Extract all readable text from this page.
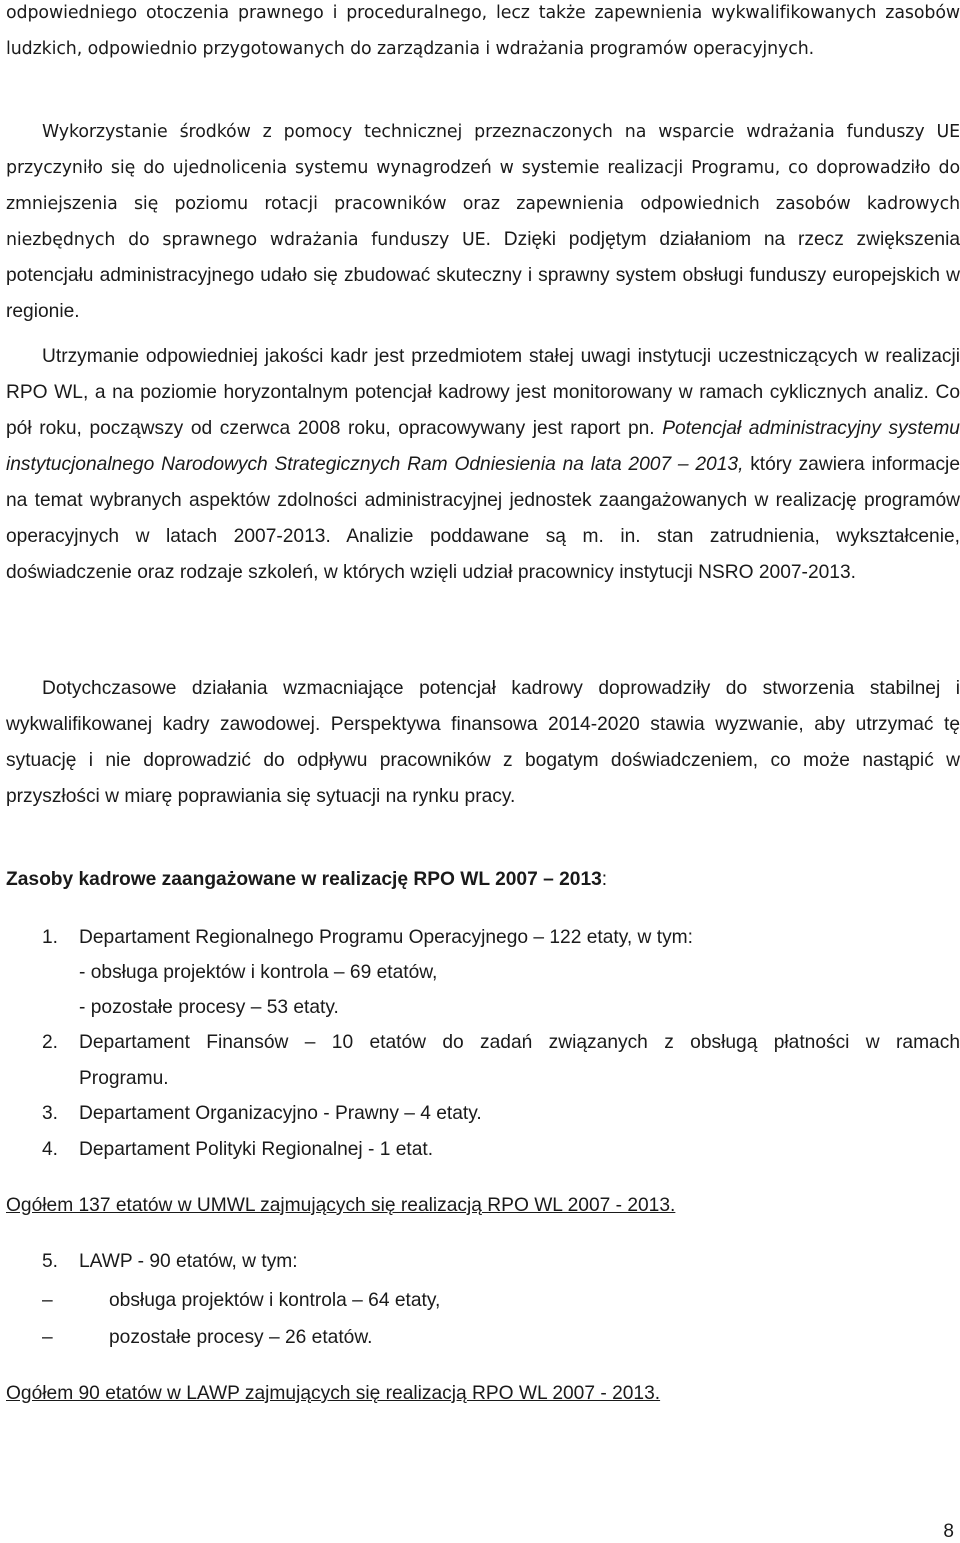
odpowiedniego otoczenia prawnego i proceduralnego, lecz także zapewnienia wykwalifikowanych zasobów ludzkich, odpowiednio przygotowanych do zarządzania i wdrażania programów operacyjnych.

Wykorzystanie środków z pomocy technicznej przeznaczonych na wsparcie wdrażania funduszy UE przyczyniło się do ujednolicenia systemu wynagrodzeń w systemie realizacji Programu, co doprowadziło do zmniejszenia się poziomu rotacji pracowników oraz zapewnienia odpowiednich zasobów kadrowych niezbędnych do sprawnego wdrażania funduszy UE. Dzięki podjętym działaniom na rzecz zwiększenia potencjału administracyjnego udało się zbudować skuteczny i sprawny system obsługi funduszy europejskich w regionie.

Utrzymanie odpowiedniej jakości kadr jest przedmiotem stałej uwagi instytucji uczestniczących w realizacji RPO WL, a na poziomie horyzontalnym potencjał kadrowy jest monitorowany w ramach cyklicznych analiz. Co pół roku, począwszy od czerwca 2008 roku, opracowywany jest raport pn. Potencjał administracyjny systemu instytucjonalnego Narodowych Strategicznych Ram Odniesienia na lata 2007 – 2013, który zawiera informacje na temat wybranych aspektów zdolności administracyjnej jednostek zaangażowanych w realizację programów operacyjnych w latach 2007-2013. Analizie poddawane są m. in. stan zatrudnienia, wykształcenie, doświadczenie oraz rodzaje szkoleń, w których wzięli udział pracownicy instytucji NSRO 2007-2013.

Dotychczasowe działania wzmacniające potencjał kadrowy doprowadziły do stworzenia stabilnej i wykwalifikowanej kadry zawodowej. Perspektywa finansowa 2014-2020 stawia wyzwanie, aby utrzymać tę sytuację i nie doprowadzić do odpływu pracowników z bogatym doświadczeniem, co może nastąpić w przyszłości w miarę poprawiania się sytuacji na rynku pracy.

Zasoby kadrowe zaangażowane w realizację RPO WL 2007 – 2013:

1. Departament Regionalnego Programu Operacyjnego – 122 etaty, w tym:

- obsługa projektów i kontrola – 69 etatów,

- pozostałe procesy – 53 etaty.

2. Departament Finansów – 10 etatów do zadań związanych z obsługą płatności w ramach Programu.

3. Departament Organizacyjno - Prawny – 4 etaty.

4. Departament Polityki Regionalnej - 1 etat.

Ogółem 137 etatów w UMWL zajmujących się realizacją RPO WL 2007 - 2013.

5. LAWP - 90 etatów, w tym:

–	obsługa projektów i kontrola – 64 etaty,
–	pozostałe procesy – 26 etatów.

Ogółem 90 etatów w LAWP zajmujących się realizacją RPO WL 2007 - 2013.

8
